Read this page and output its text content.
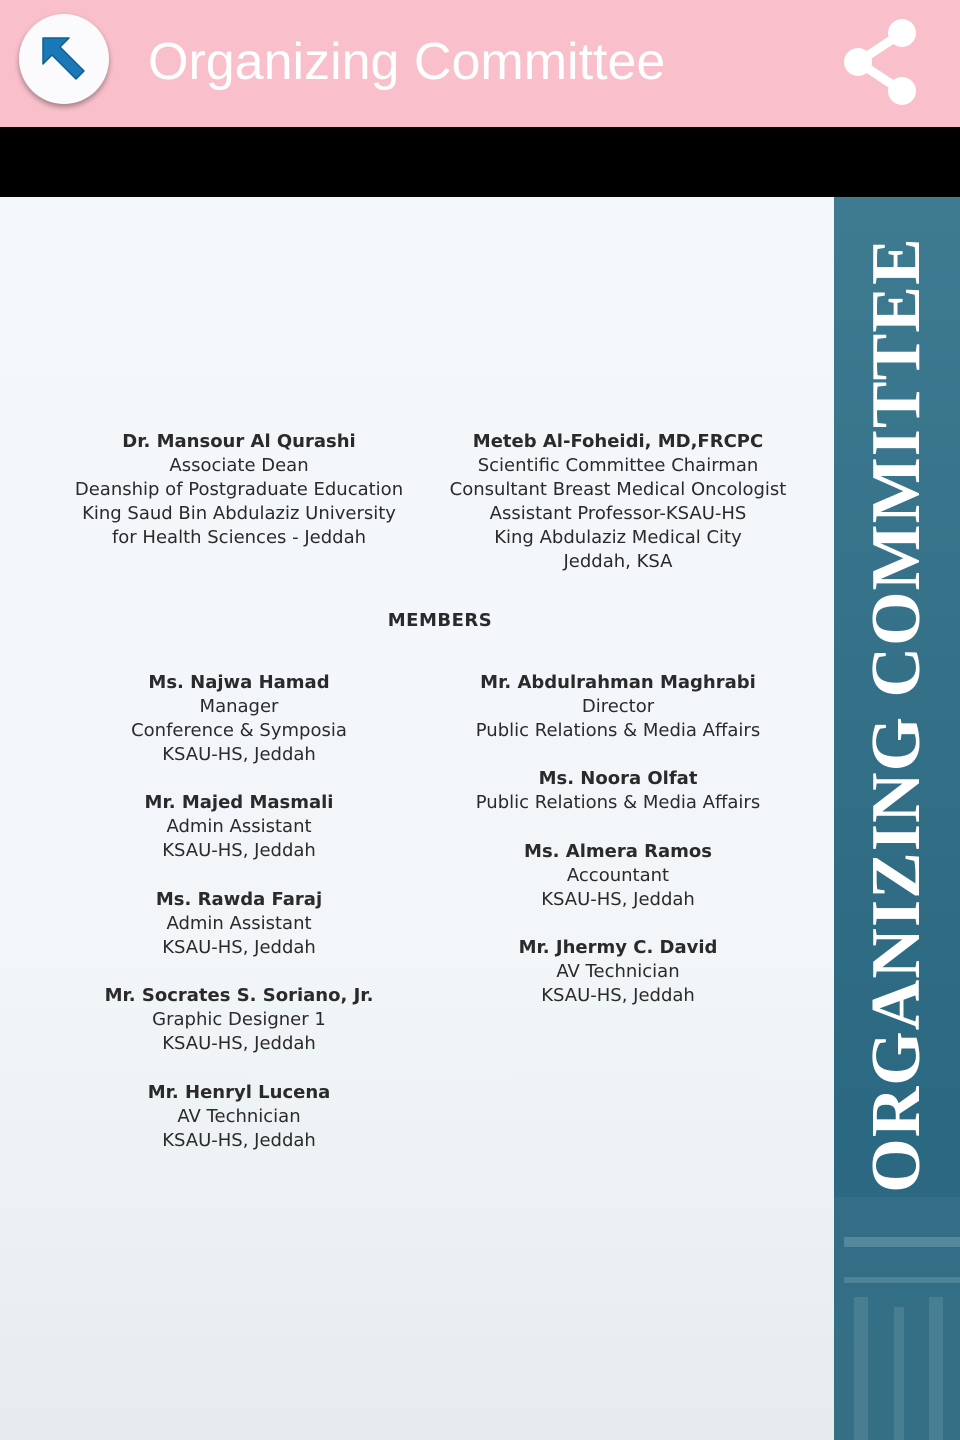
Organizing Committee
Dr. Mansour Al Qurashi
Associate Dean
Deanship of Postgraduate Education
King Saud Bin Abdulaziz University
for Health Sciences - Jeddah
Meteb Al-Foheidi, MD,FRCPC
Scientific Committee Chairman
Consultant Breast Medical Oncologist
Assistant Professor-KSAU-HS
King Abdulaziz Medical City
Jeddah, KSA
MEMBERS
Ms. Najwa Hamad
Manager
Conference & Symposia
KSAU-HS, Jeddah
Mr. Majed Masmali
Admin Assistant
KSAU-HS, Jeddah
Ms. Rawda Faraj
Admin Assistant
KSAU-HS, Jeddah
Mr. Socrates S. Soriano, Jr.
Graphic Designer 1
KSAU-HS, Jeddah
Mr. Henryl Lucena
AV Technician
KSAU-HS, Jeddah
Mr. Abdulrahman Maghrabi
Director
Public Relations & Media Affairs
Ms. Noora Olfat
Public Relations & Media Affairs
Ms. Almera Ramos
Accountant
KSAU-HS, Jeddah
Mr. Jhermy C. David
AV Technician
KSAU-HS, Jeddah	ORGANIZING COMMITTEE
